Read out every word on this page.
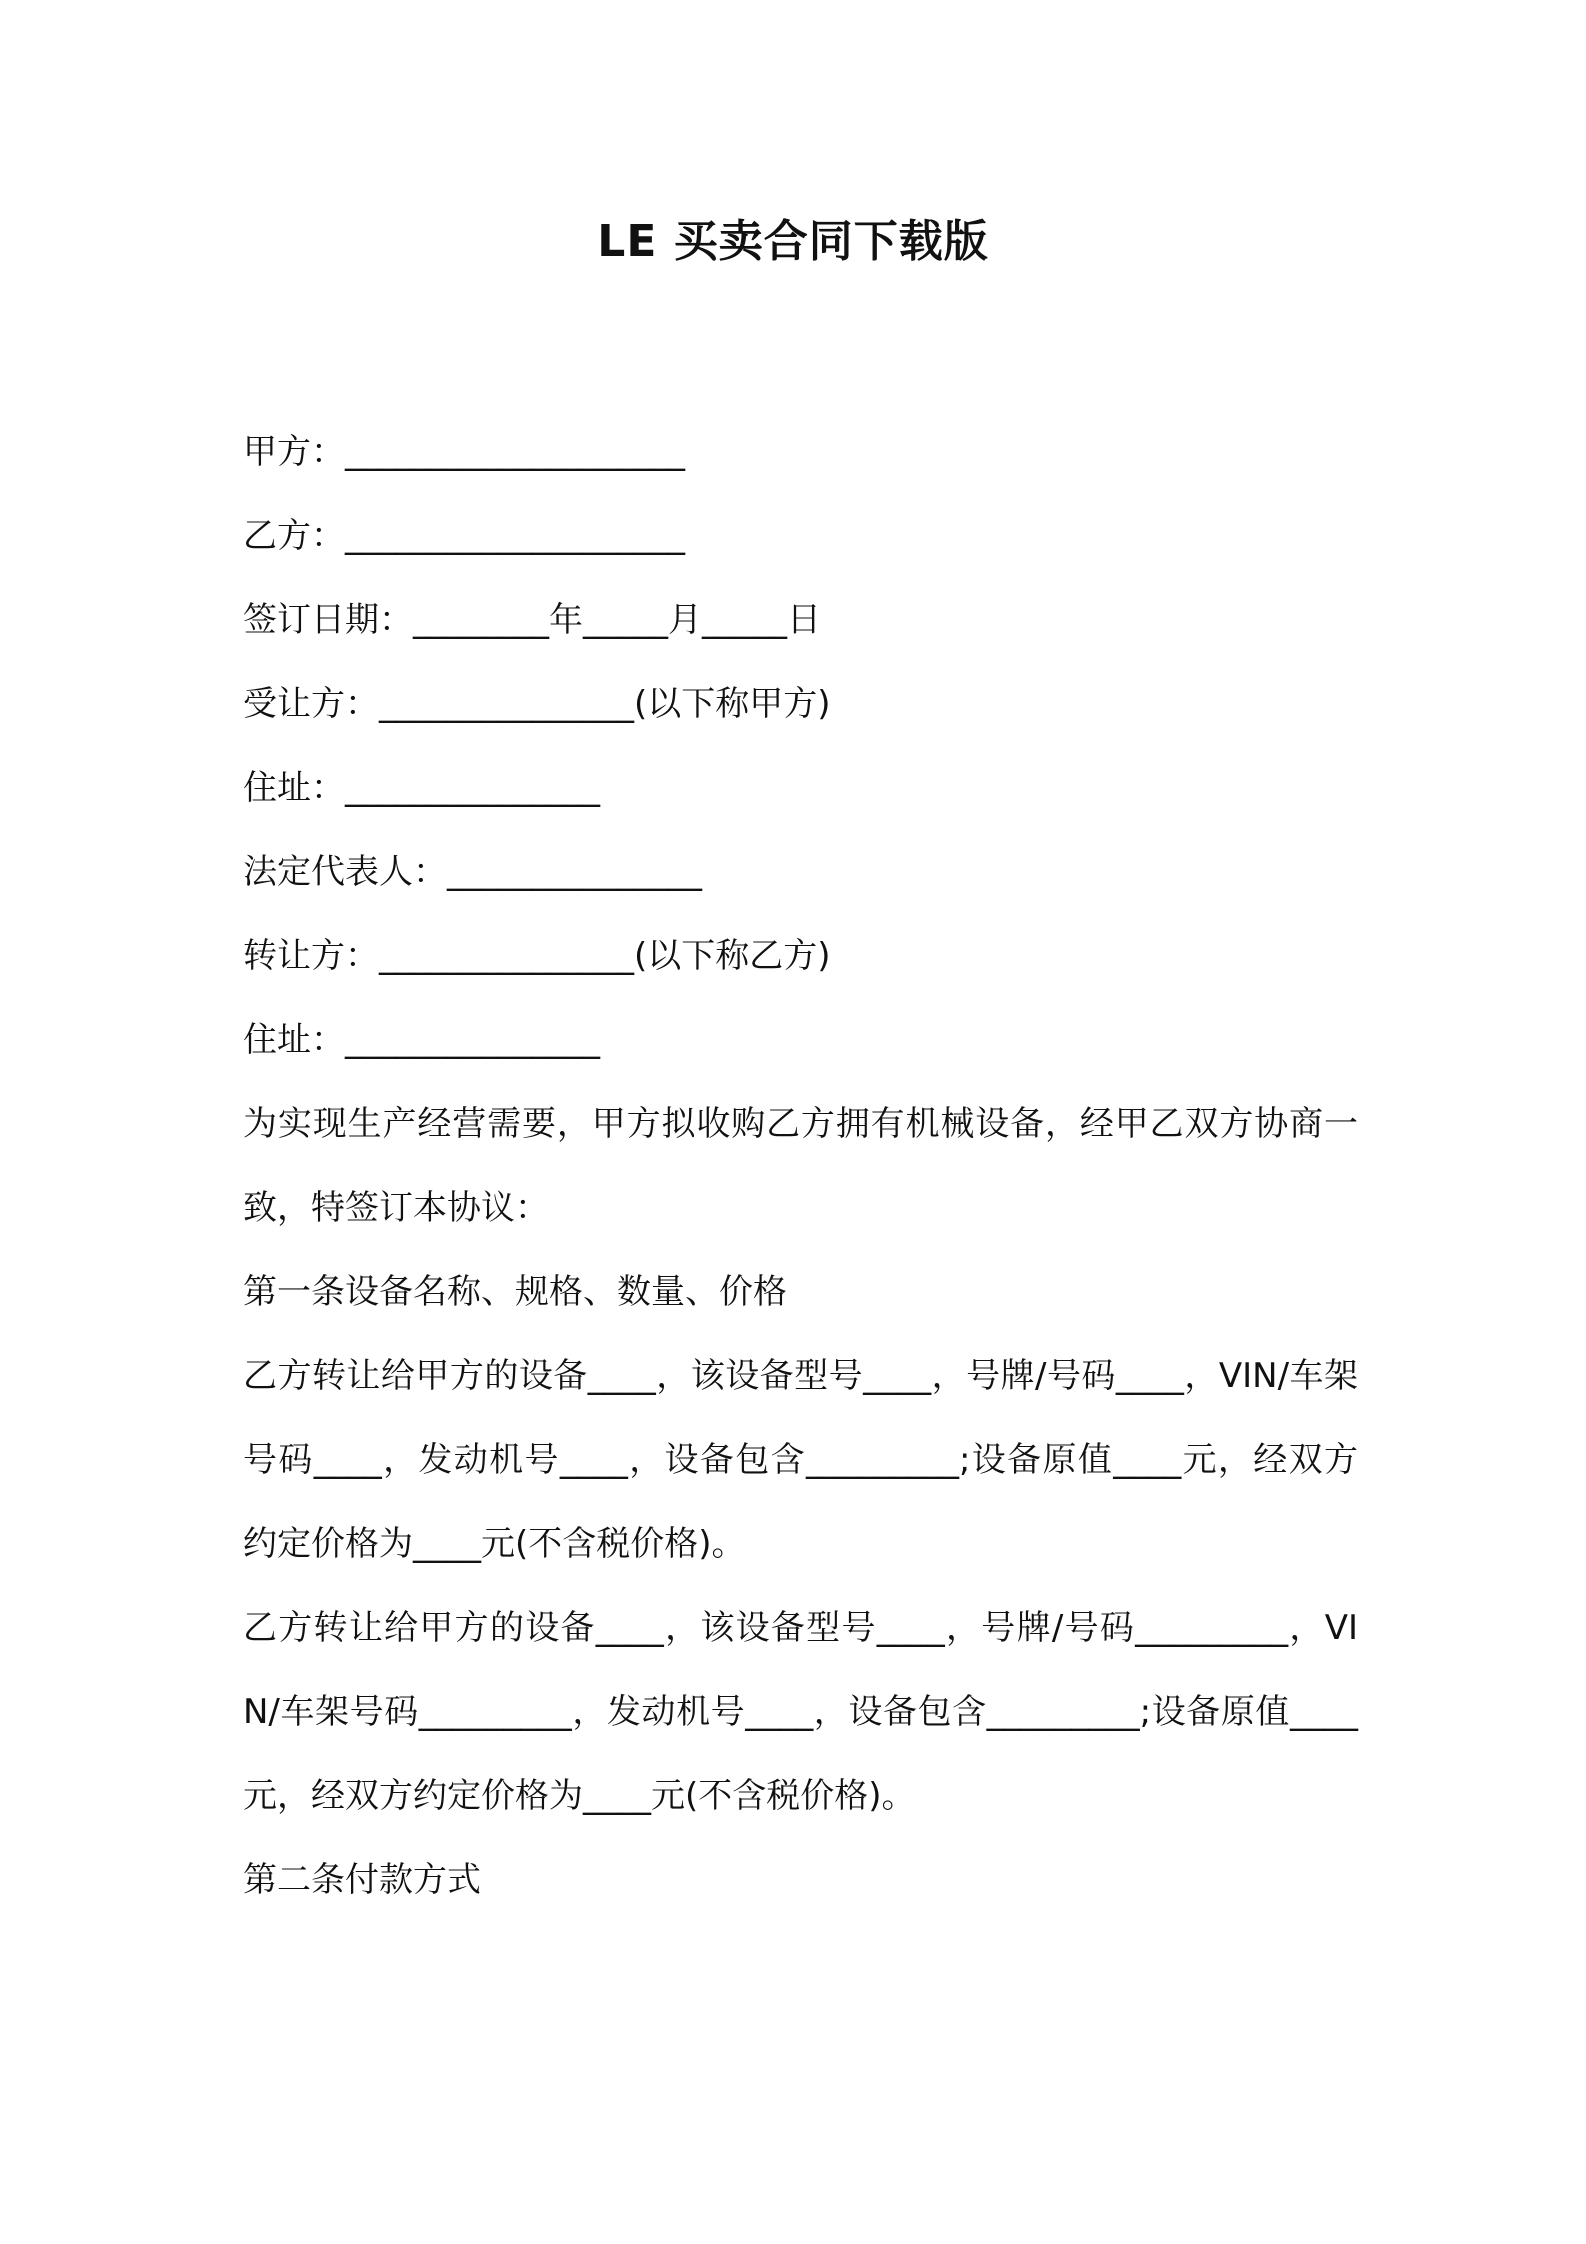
LE 买卖合同下载版

甲方：____________________

乙方：____________________

签订日期：________年_____月_____日

受让方：_______________(以下称甲方)

住址：_______________

法定代表人：_______________

转让方：_______________(以下称乙方)

住址：_______________

为实现生产经营需要，甲方拟收购乙方拥有机械设备，经甲乙双方协商一致，特签订本协议：

第一条设备名称、规格、数量、价格

乙方转让给甲方的设备____，该设备型号____，号牌/号码____，VIN/车架号码____，发动机号____，设备包含_________;设备原值____元，经双方约定价格为____元(不含税价格)。

乙方转让给甲方的设备____，该设备型号____，号牌/号码_________，VIN/车架号码_________，发动机号____，设备包含_________;设备原值____元，经双方约定价格为____元(不含税价格)。

第二条付款方式
